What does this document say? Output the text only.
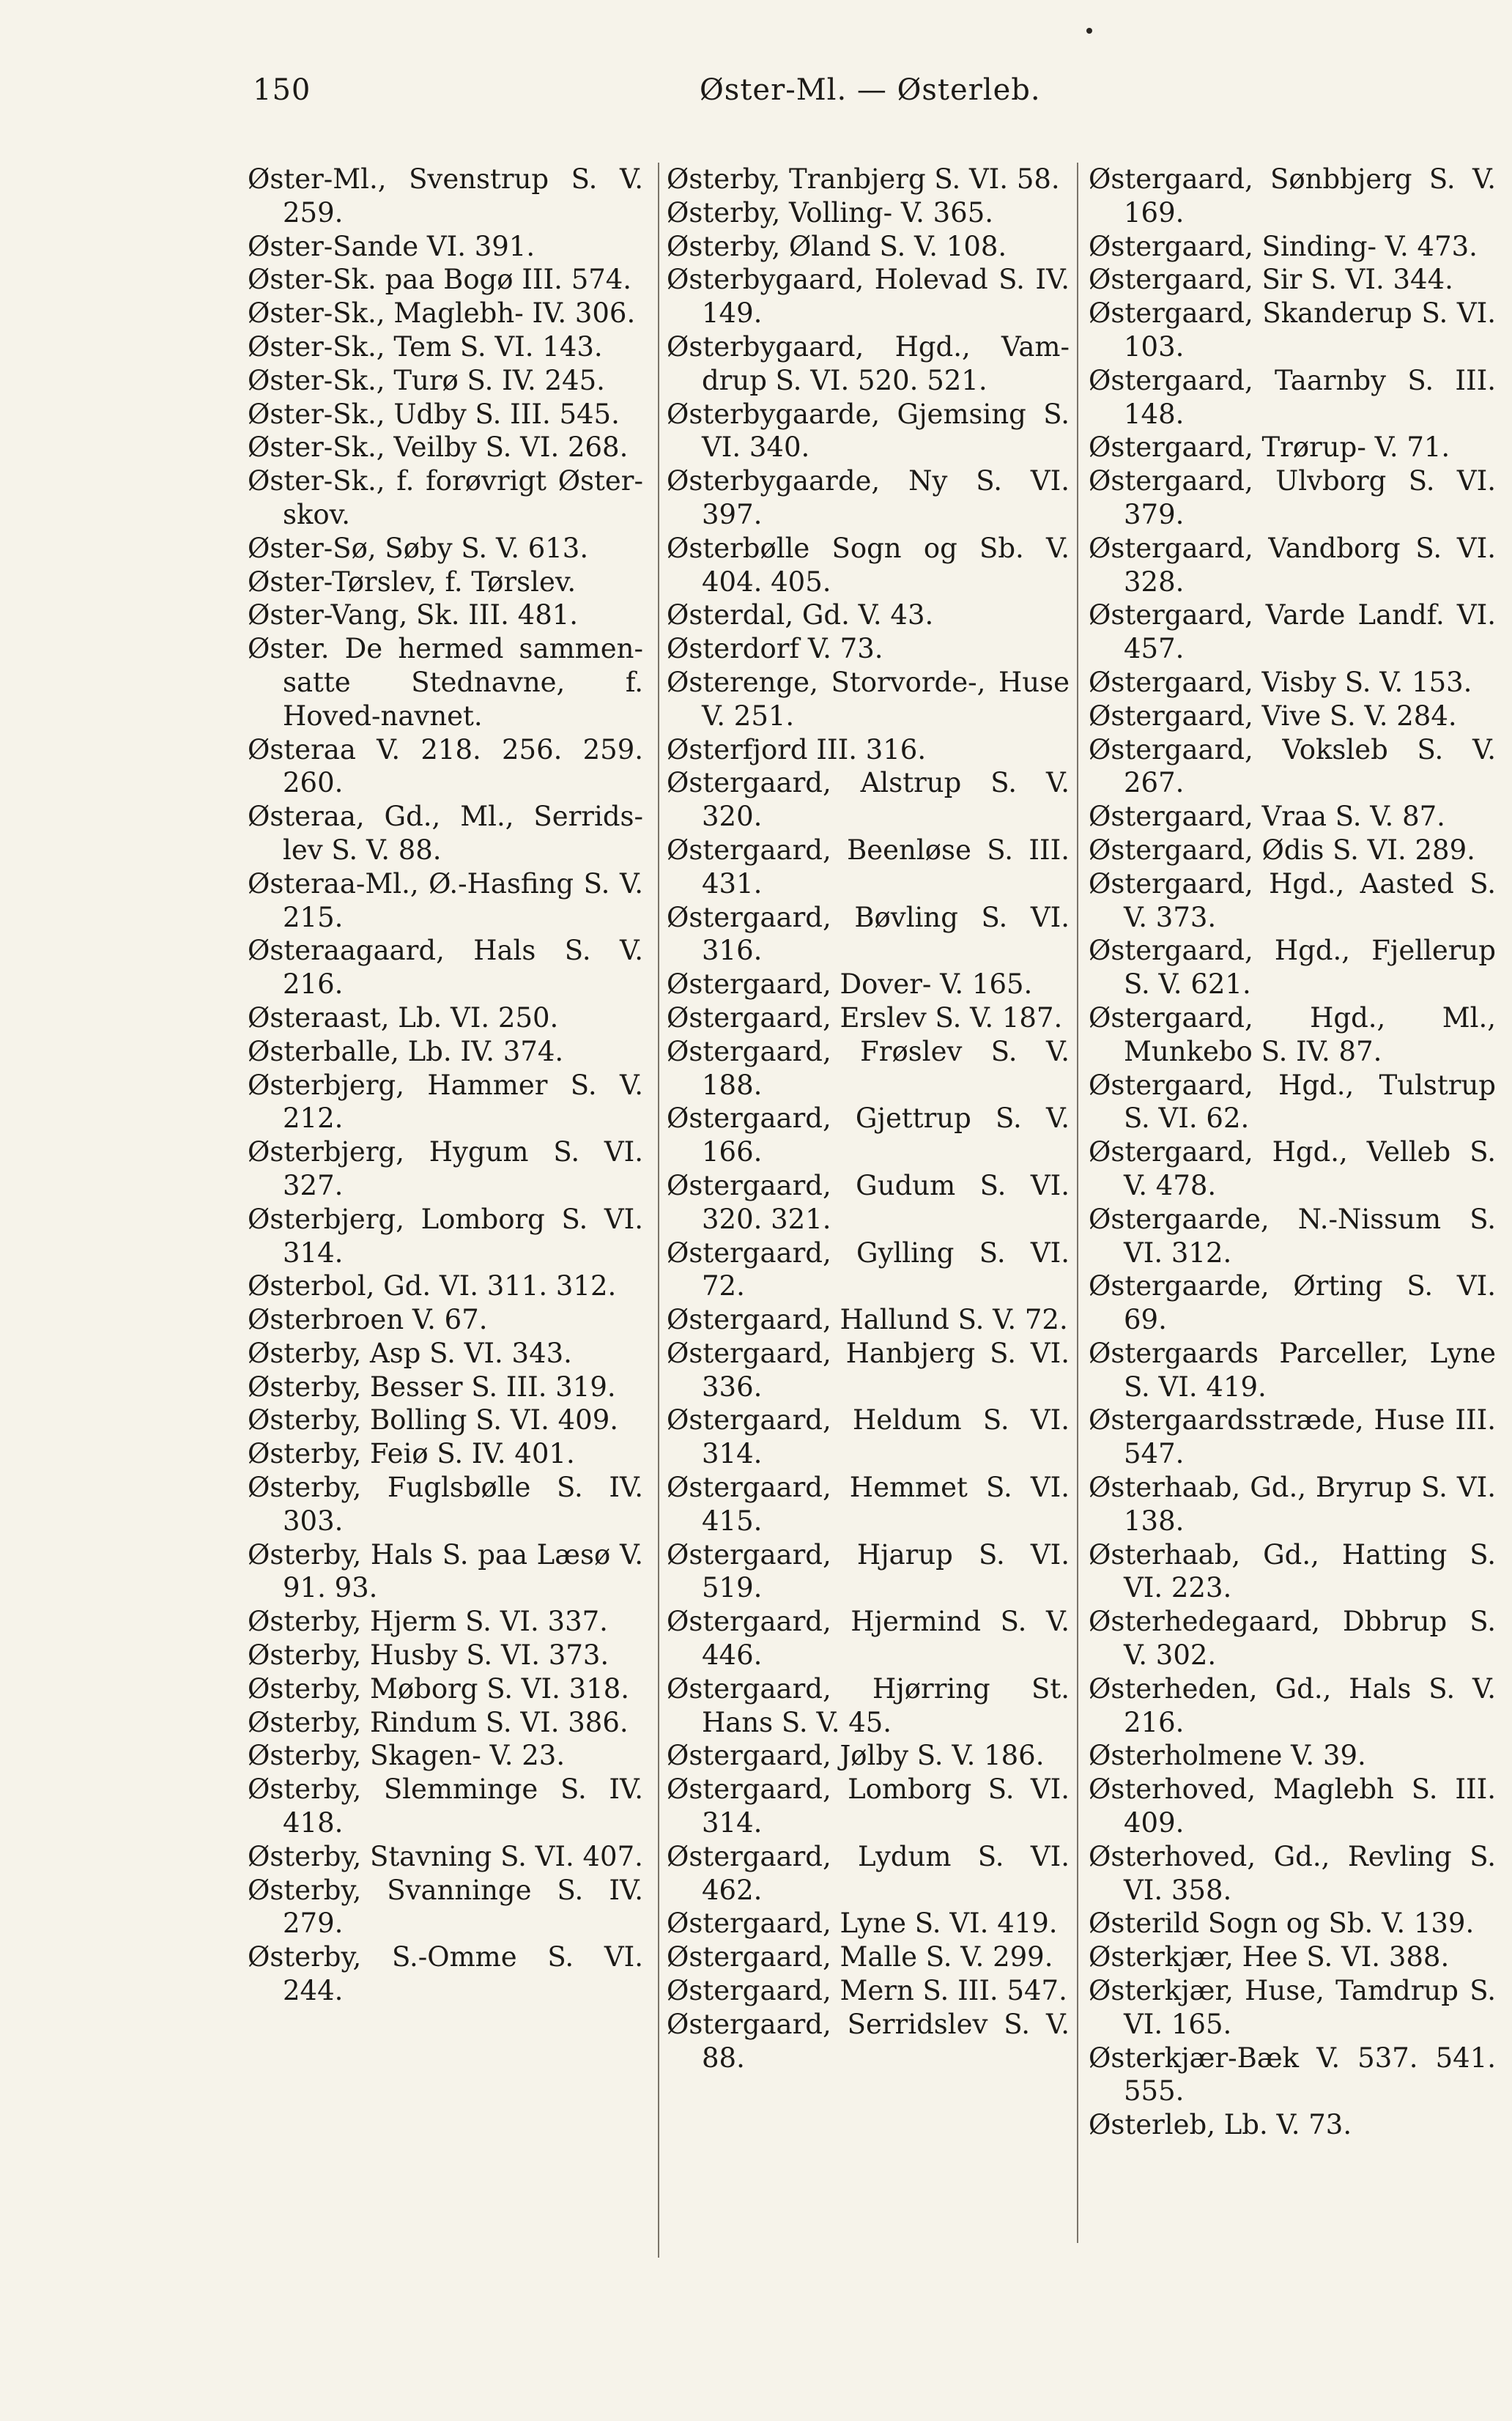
150	Øster-Ml. — Østerleb.

Øster-Ml., Svenstrup S. V. 259.

Øster-Sande VI. 391.

Øster-Sk. paa Bogø III. 574.

Øster-Sk., Maglebh- IV. 306.

Øster-Sk., Tem S. VI. 143.

Øster-Sk., Turø S. IV. 245.

Øster-Sk., Udby S. III. 545.

Øster-Sk., Veilby S. VI. 268.

Øster-Sk., f. forøvrigt Øster-skov.

Øster-Sø, Søby S. V. 613.

Øster-Tørslev, f. Tørslev.

Øster-Vang, Sk. III. 481.

Øster. De hermed sammen-satte Stednavne, f. Hoved-navnet.

Østeraa V. 218. 256. 259. 260.

Østeraa, Gd., Ml., Serrids-lev S. V. 88.

Østeraa-Ml., Ø.-Hasfing S. V. 215.

Østeraagaard, Hals S. V. 216.

Østeraast, Lb. VI. 250.

Østerballe, Lb. IV. 374.

Østerbjerg, Hammer S. V. 212.

Østerbjerg, Hygum S. VI. 327.

Østerbjerg, Lomborg S. VI. 314.

Østerbol, Gd. VI. 311. 312.

Østerbroen V. 67.

Østerby, Asp S. VI. 343.

Østerby, Besser S. III. 319.

Østerby, Bolling S. VI. 409.

Østerby, Feiø S. IV. 401.

Østerby, Fuglsbølle S. IV. 303.

Østerby, Hals S. paa Læsø V. 91. 93.

Østerby, Hjerm S. VI. 337.

Østerby, Husby S. VI. 373.

Østerby, Møborg S. VI. 318.

Østerby, Rindum S. VI. 386.

Østerby, Skagen- V. 23.

Østerby, Slemminge S. IV. 418.

Østerby, Stavning S. VI. 407.

Østerby, Svanninge S. IV. 279.

Østerby, S.-Omme S. VI. 244.

Østerby, Tranbjerg S. VI. 58.

Østerby, Volling- V. 365.

Østerby, Øland S. V. 108.

Østerbygaard, Holevad S. IV. 149.

Østerbygaard, Hgd., Vam-drup S. VI. 520. 521.

Østerbygaarde, Gjemsing S. VI. 340.

Østerbygaarde, Ny S. VI. 397.

Østerbølle Sogn og Sb. V. 404. 405.

Østerdal, Gd. V. 43.

Østerdorf V. 73.

Østerenge, Storvorde-, Huse V. 251.

Østerfjord III. 316.

Østergaard, Alstrup S. V. 320.

Østergaard, Beenløse S. III. 431.

Østergaard, Bøvling S. VI. 316.

Østergaard, Dover- V. 165.

Østergaard, Erslev S. V. 187.

Østergaard, Frøslev S. V. 188.

Østergaard, Gjettrup S. V. 166.

Østergaard, Gudum S. VI. 320. 321.

Østergaard, Gylling S. VI. 72.

Østergaard, Hallund S. V. 72.

Østergaard, Hanbjerg S. VI. 336.

Østergaard, Heldum S. VI. 314.

Østergaard, Hemmet S. VI. 415.

Østergaard, Hjarup S. VI. 519.

Østergaard, Hjermind S. V. 446.

Østergaard, Hjørring St. Hans S. V. 45.

Østergaard, Jølby S. V. 186.

Østergaard, Lomborg S. VI. 314.

Østergaard, Lydum S. VI. 462.

Østergaard, Lyne S. VI. 419.

Østergaard, Malle S. V. 299.

Østergaard, Mern S. III. 547.

Østergaard, Serridslev S. V. 88.

Østergaard, Sønbbjerg S. V. 169.

Østergaard, Sinding- V. 473.

Østergaard, Sir S. VI. 344.

Østergaard, Skanderup S. VI. 103.

Østergaard, Taarnby S. III. 148.

Østergaard, Trørup- V. 71.

Østergaard, Ulvborg S. VI. 379.

Østergaard, Vandborg S. VI. 328.

Østergaard, Varde Landf. VI. 457.

Østergaard, Visby S. V. 153.

Østergaard, Vive S. V. 284.

Østergaard, Voksleb S. V. 267.

Østergaard, Vraa S. V. 87.

Østergaard, Ødis S. VI. 289.

Østergaard, Hgd., Aasted S. V. 373.

Østergaard, Hgd., Fjellerup S. V. 621.

Østergaard, Hgd., Ml., Munkebo S. IV. 87.

Østergaard, Hgd., Tulstrup S. VI. 62.

Østergaard, Hgd., Velleb S. V. 478.

Østergaarde, N.-Nissum S. VI. 312.

Østergaarde, Ørting S. VI. 69.

Østergaards Parceller, Lyne S. VI. 419.

Østergaardsstræde, Huse III. 547.

Østerhaab, Gd., Bryrup S. VI. 138.

Østerhaab, Gd., Hatting S. VI. 223.

Østerhedegaard, Dbbrup S. V. 302.

Østerheden, Gd., Hals S. V. 216.

Østerholmene V. 39.

Østerhoved, Maglebh S. III. 409.

Østerhoved, Gd., Revling S. VI. 358.

Østerild Sogn og Sb. V. 139.

Østerkjær, Hee S. VI. 388.

Østerkjær, Huse, Tamdrup S. VI. 165.

Østerkjær-Bæk V. 537. 541. 555.

Østerleb, Lb. V. 73.
